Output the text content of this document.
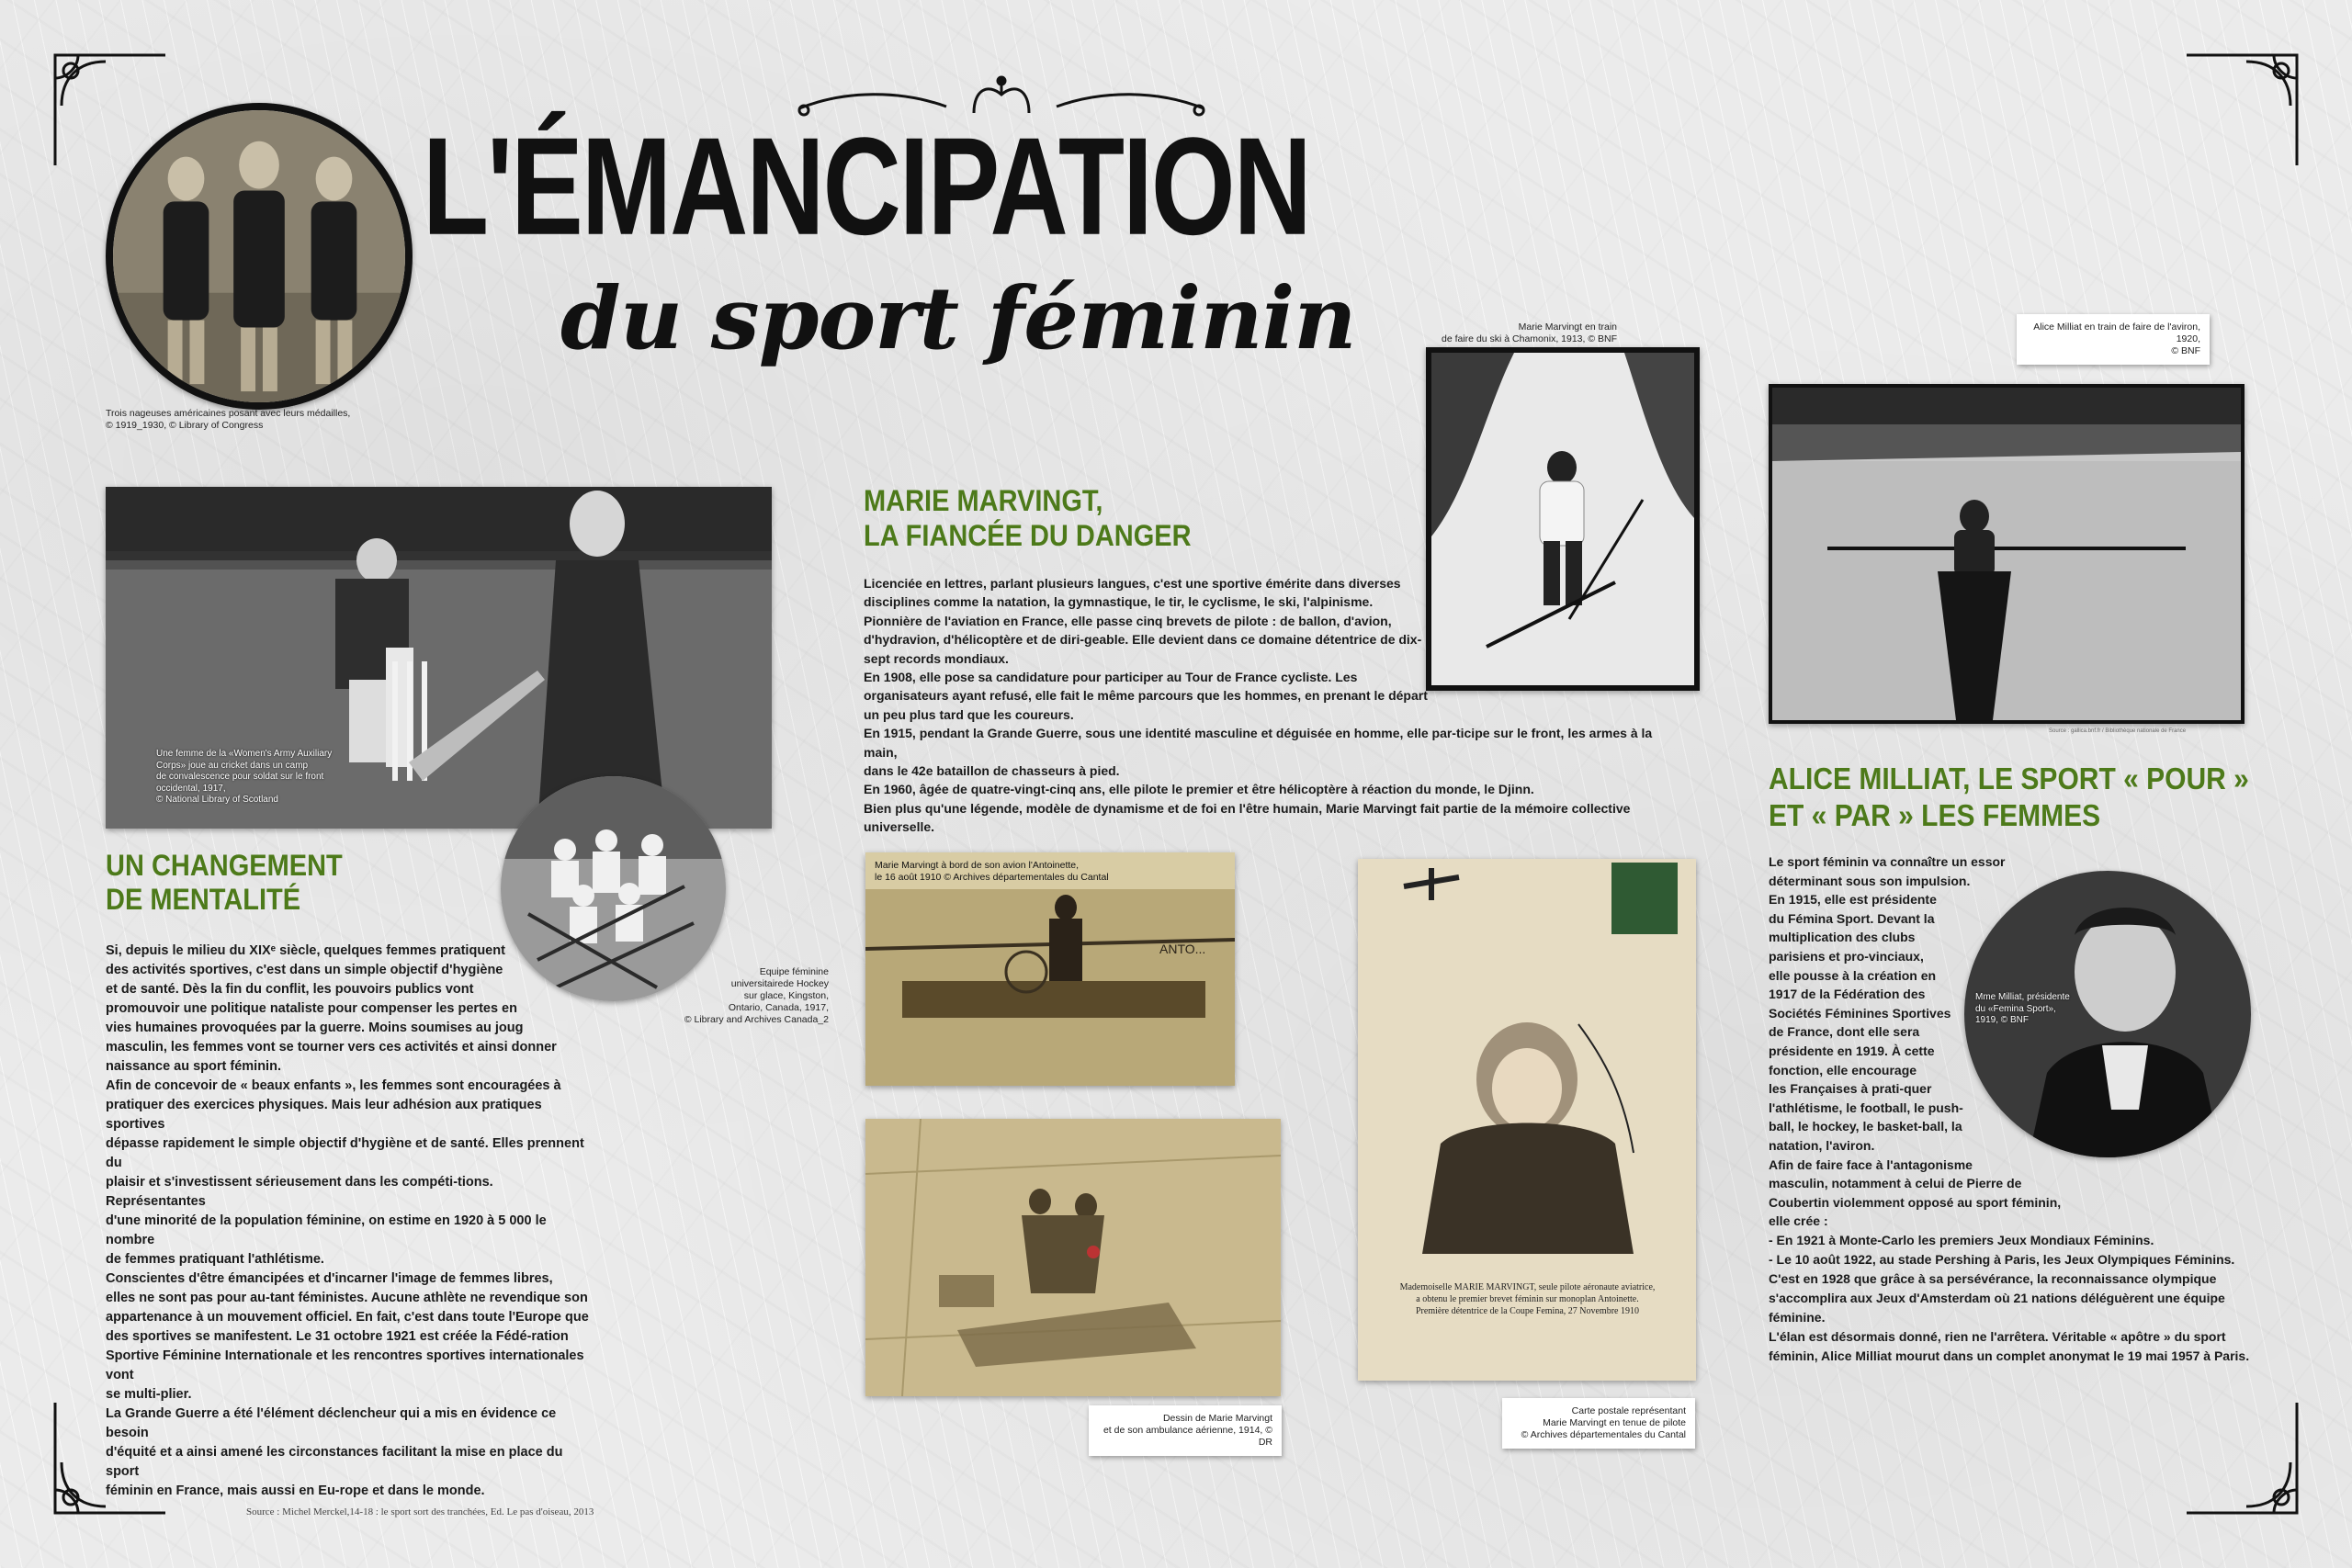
L'ÉMANCIPATION
du sport féminin
Trois nageuses américaines posant avec leurs médailles,
© 1919_1930, © Library of Congress
Une femme de la «Women's Army Auxiliary
Corps» joue au cricket dans un camp
de convalescence pour soldat sur le front
occidental, 1917,
© National Library of Scotland
Equipe féminine
universitairede Hockey
sur glace, Kingston,
Ontario, Canada, 1917,
© Library and Archives Canada_2
UN CHANGEMENT
DE MENTALITÉ

Si, depuis le milieu du XIXᵉ siècle, quelques femmes pratiquent
des activités sportives, c'est dans un simple objectif d'hygiène
et de santé. Dès la fin du conflit, les pouvoirs publics vont
promouvoir une politique nataliste pour compenser les pertes en
vies humaines provoquées par la guerre. Moins soumises au joug
masculin, les femmes vont se tourner vers ces activités et ainsi donner
naissance au sport féminin.

Afin de concevoir de « beaux enfants », les femmes sont encouragées à
pratiquer des exercices physiques. Mais leur adhésion aux pratiques sportives
dépasse rapidement le simple objectif d'hygiène et de santé. Elles prennent du
plaisir et s'investissent sérieusement dans les compéti-tions. Représentantes
d'une minorité de la population féminine, on estime en 1920 à 5 000 le nombre
de femmes pratiquant l'athlétisme.

Conscientes d'être émancipées et d'incarner l'image de femmes libres,
elles ne sont pas pour au-tant féministes. Aucune athlète ne revendique son
appartenance à un mouvement officiel. En fait, c'est dans toute l'Europe que
des sportives se manifestent. Le 31 octobre 1921 est créée la Fédé-ration
Sportive Féminine Internationale et les rencontres sportives internationales vont
se multi-plier.

La Grande Guerre a été l'élément déclencheur qui a mis en évidence ce besoin
d'équité et a ainsi amené les circonstances facilitant la mise en place du sport
féminin en France, mais aussi en Eu-rope et dans le monde.

MARIE MARVINGT,
LA FIANCÉE DU DANGER

Licenciée en lettres, parlant plusieurs langues, c'est une sportive émérite dans diverses
disciplines comme la natation, la gymnastique, le tir, le cyclisme, le ski, l'alpinisme.

Pionnière de l'aviation en France, elle passe cinq brevets de pilote : de ballon, d'avion,
d'hydravion, d'hélicoptère et de diri-geable. Elle devient dans ce domaine détentrice de dix-
sept records mondiaux.

En 1908, elle pose sa candidature pour participer au Tour de France cycliste. Les
organisateurs ayant refusé, elle fait le même parcours que les hommes, en prenant le départ
un peu plus tard que les coureurs.

En 1915, pendant la Grande Guerre, sous une identité masculine et déguisée en homme, elle par-ticipe sur le front, les armes à la main,
dans le 42e bataillon de chasseurs à pied.

En 1960, âgée de quatre-vingt-cinq ans, elle pilote le premier et être hélicoptère à réaction du monde, le Djinn.

Bien plus qu'une légende, modèle de dynamisme et de foi en l'être humain, Marie Marvingt fait partie de la mémoire collective universelle.

Marie Marvingt en train
de faire du ski à Chamonix, 1913, © BNF
Alice Milliat en train de faire de l'aviron, 1920,
© BNF
Source : gallica.bnf.fr / Bibliothèque nationale de France
ANTO...
Marie Marvingt à bord de son avion l'Antoinette,
le 16 août 1910 © Archives départementales du Cantal
Dessin de Marie Marvingt
et de son ambulance aérienne, 1914, © DR
Mademoiselle MARIE MARVINGT, seule pilote aéronaute aviatrice,
a obtenu le premier brevet féminin sur monoplan Antoinette.
Première détentrice de la Coupe Femina, 27 Novembre 1910
Carte postale représentant
Marie Marvingt en tenue de pilote
© Archives départementales du Cantal
ALICE MILLIAT, LE SPORT « POUR »
ET « PAR » LES FEMMES
Le sport féminin va connaître un essor
déterminant sous son impulsion.
En 1915, elle est présidente
du Fémina Sport. Devant la
multiplication des clubs
parisiens et pro-vinciaux,
elle pousse à la création en
1917 de la Fédération des
Sociétés Féminines Sportives
de France, dont elle sera
présidente en 1919. À cette
fonction, elle encourage
les Françaises à prati-quer
l'athlétisme, le football, le push-
ball, le hockey, le basket-ball, la
natation, l'aviron.
Afin de faire face à l'antagonisme
masculin, notamment à celui de Pierre de
Coubertin violemment opposé au sport féminin,
elle crée :
- En 1921 à Monte-Carlo les premiers Jeux Mondiaux Féminins.
- Le 10 août 1922, au stade Pershing à Paris, les Jeux Olympiques Féminins.
C'est en 1928 que grâce à sa persévérance, la reconnaissance olympique
s'accomplira aux Jeux d'Amsterdam où 21 nations déléguèrent une équipe
féminine.
L'élan est désormais donné, rien ne l'arrêtera. Véritable « apôtre » du sport
féminin, Alice Milliat mourut dans un complet anonymat le 19 mai 1957 à Paris.
Mme Milliat, présidente
du «Femina Sport»,
1919, © BNF
Source : Michel Merckel,14-18 : le sport sort des tranchées, Ed. Le pas d'oiseau, 2013
